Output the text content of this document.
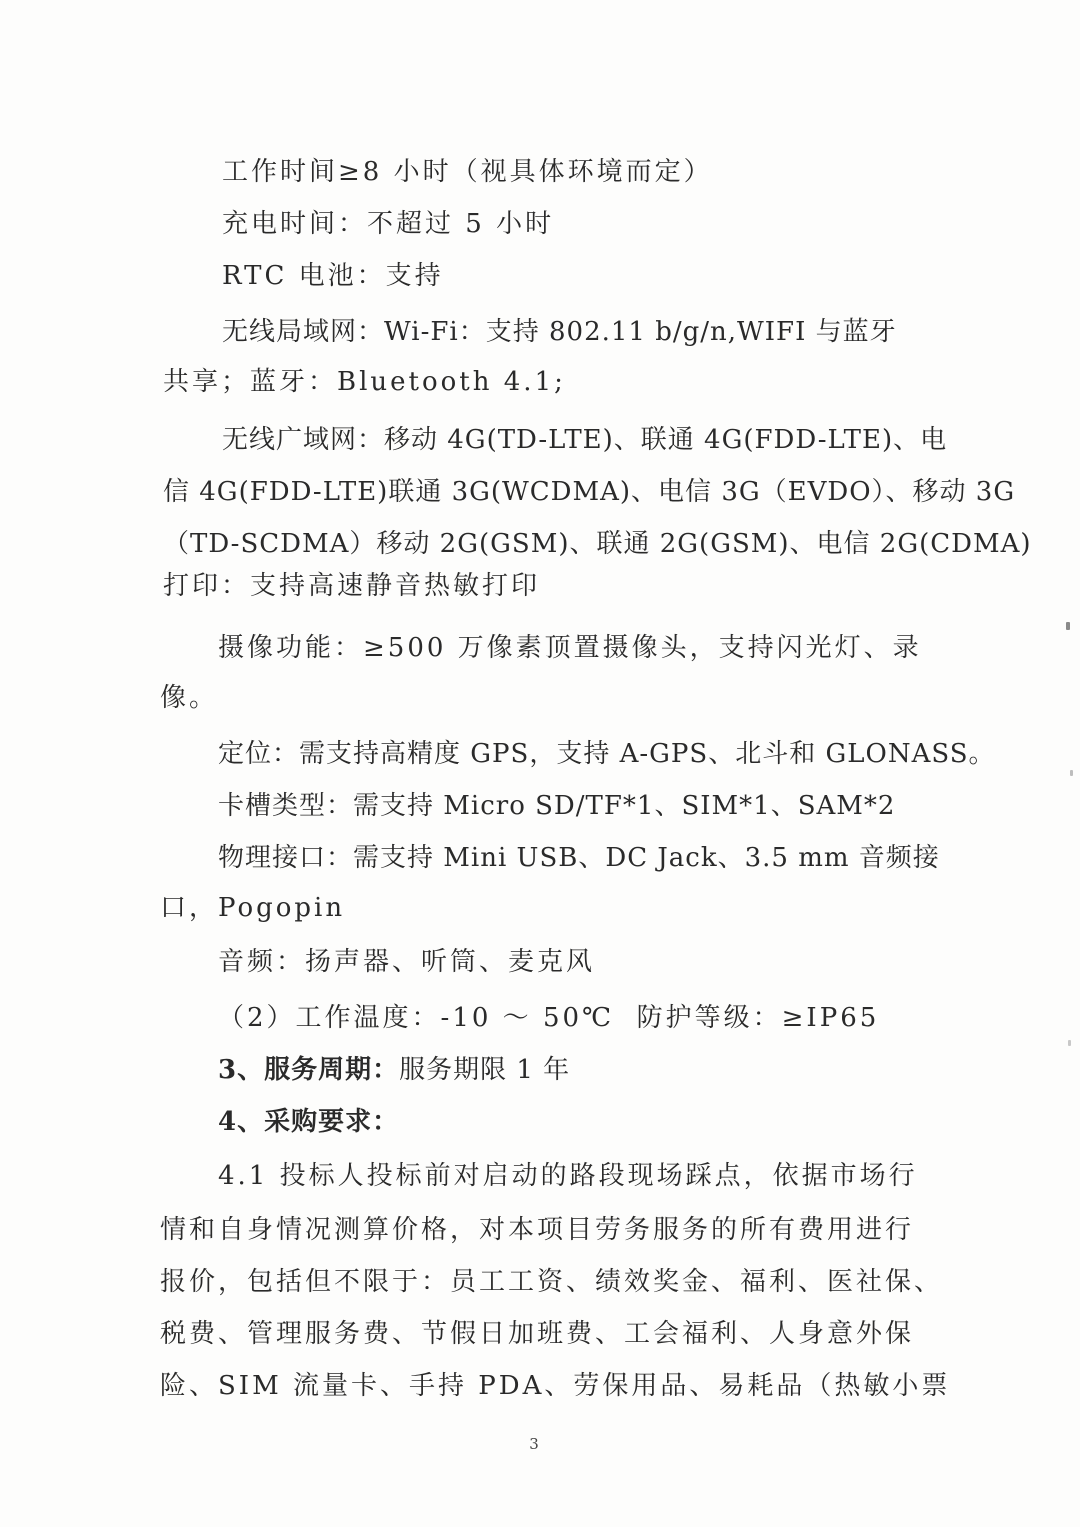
工作时间≥8 小时（视具体环境而定）
充电时间：不超过 5 小时
RTC 电池：支持
无线局域网：Wi-Fi：支持 802.11 b/g/n,WIFI 与蓝牙
共享；蓝牙：Bluetooth 4.1;
无线广域网：移动 4G(TD-LTE)、联通 4G(FDD-LTE)、电
信 4G(FDD-LTE)联通 3G(WCDMA)、电信 3G（EVDO）、移动 3G
（TD-SCDMA）移动 2G(GSM)、联通 2G(GSM)、电信 2G(CDMA)
打印：支持高速静音热敏打印
摄像功能：≥500 万像素顶置摄像头，支持闪光灯、录
像。
定位：需支持高精度 GPS，支持 A-GPS、北斗和 GLONASS。
卡槽类型：需支持 Micro SD/TF*1、SIM*1、SAM*2
物理接口：需支持 Mini USB、DC Jack、3.5 mm 音频接
口，Pogopin
音频：扬声器、听筒、麦克风
（2）工作温度：-10 ～ 50℃  防护等级：≥IP65
3、服务周期：服务期限 1 年
4、采购要求：
4.1 投标人投标前对启动的路段现场踩点，依据市场行
情和自身情况测算价格，对本项目劳务服务的所有费用进行
报价，包括但不限于：员工工资、绩效奖金、福利、医社保、
税费、管理服务费、节假日加班费、工会福利、人身意外保
险、SIM 流量卡、手持 PDA、劳保用品、易耗品（热敏小票
3
